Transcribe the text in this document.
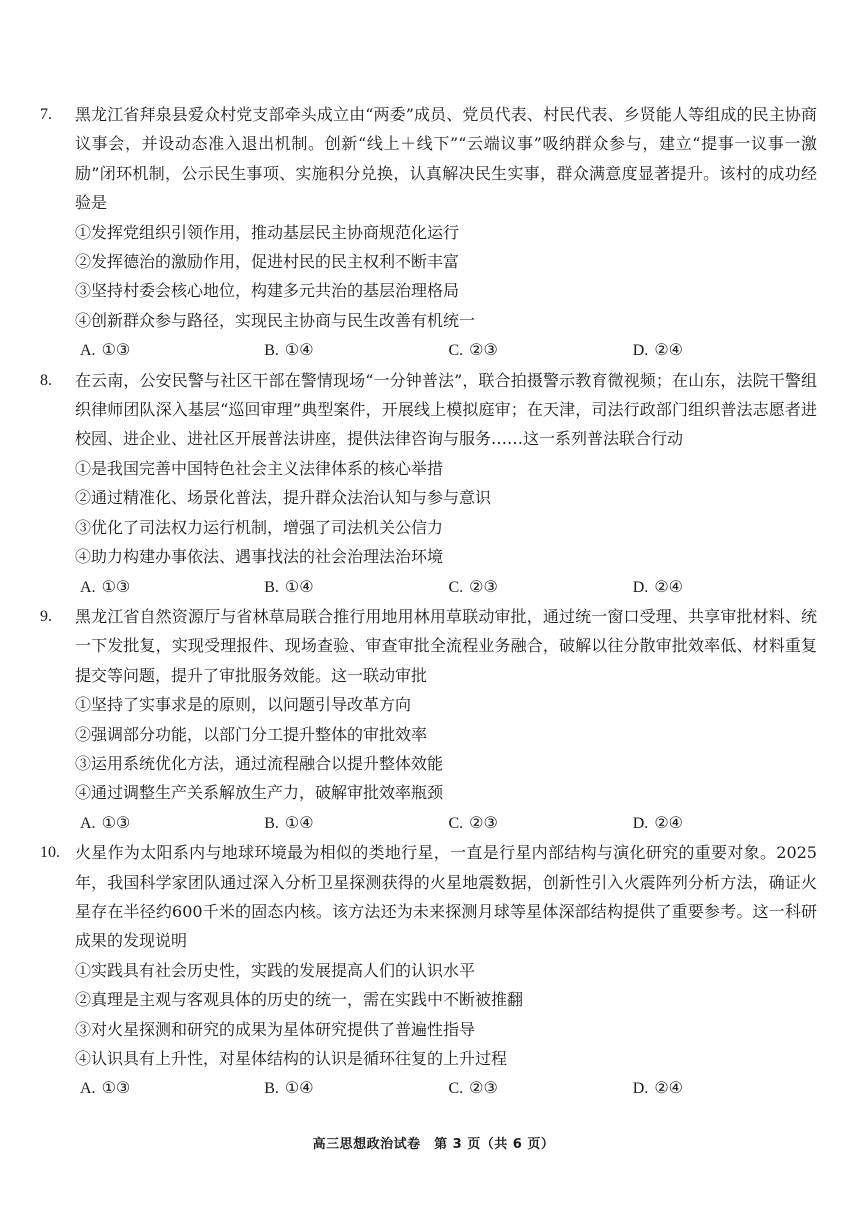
7.	黑龙江省拜泉县爱众村党支部牵头成立由“两委”成员、党员代表、村民代表、乡贤能人等组成的民主协商议事会，并设动态准入退出机制。创新“线上＋线下”“云端议事”吸纳群众参与，建立“提事一议事一激励”闭环机制，公示民生事项、实施积分兑换，认真解决民生实事，群众满意度显著提升。该村的成功经验是

①发挥党组织引领作用，推动基层民主协商规范化运行

②发挥德治的激励作用，促进村民的民主权利不断丰富

③坚持村委会核心地位，构建多元共治的基层治理格局

④创新群众参与路径，实现民主协商与民生改善有机统一

A. ①③	B. ①④	C. ②③	D. ②④

8.	在云南，公安民警与社区干部在警情现场“一分钟普法”，联合拍摄警示教育微视频；在山东，法院干警组织律师团队深入基层“巡回审理”典型案件，开展线上模拟庭审；在天津，司法行政部门组织普法志愿者进校园、进企业、进社区开展普法讲座，提供法律咨询与服务……这一系列普法联合行动

①是我国完善中国特色社会主义法律体系的核心举措

②通过精准化、场景化普法，提升群众法治认知与参与意识

③优化了司法权力运行机制，增强了司法机关公信力

④助力构建办事依法、遇事找法的社会治理法治环境

A. ①③	B. ①④	C. ②③	D. ②④

9.	黑龙江省自然资源厅与省林草局联合推行用地用林用草联动审批，通过统一窗口受理、共享审批材料、统一下发批复，实现受理报件、现场查验、审查审批全流程业务融合，破解以往分散审批效率低、材料重复提交等问题，提升了审批服务效能。这一联动审批

①坚持了实事求是的原则，以问题引导改革方向

②强调部分功能，以部门分工提升整体的审批效率

③运用系统优化方法，通过流程融合以提升整体效能

④通过调整生产关系解放生产力，破解审批效率瓶颈

A. ①③	B. ①④	C. ②③	D. ②④

10. 火星作为太阳系内与地球环境最为相似的类地行星，一直是行星内部结构与演化研究的重要对象。2025年，我国科学家团队通过深入分析卫星探测获得的火星地震数据，创新性引入火震阵列分析方法，确证火星存在半径约600千米的固态内核。该方法还为未来探测月球等星体深部结构提供了重要参考。这一科研成果的发现说明

①实践具有社会历史性，实践的发展提高人们的认识水平

②真理是主观与客观具体的历史的统一，需在实践中不断被推翻

③对火星探测和研究的成果为星体研究提供了普遍性指导

④认识具有上升性，对星体结构的认识是循环往复的上升过程

A. ①③	B. ①④	C. ②③	D. ②④
高三思想政治试卷　第 3 页（共 6 页）
